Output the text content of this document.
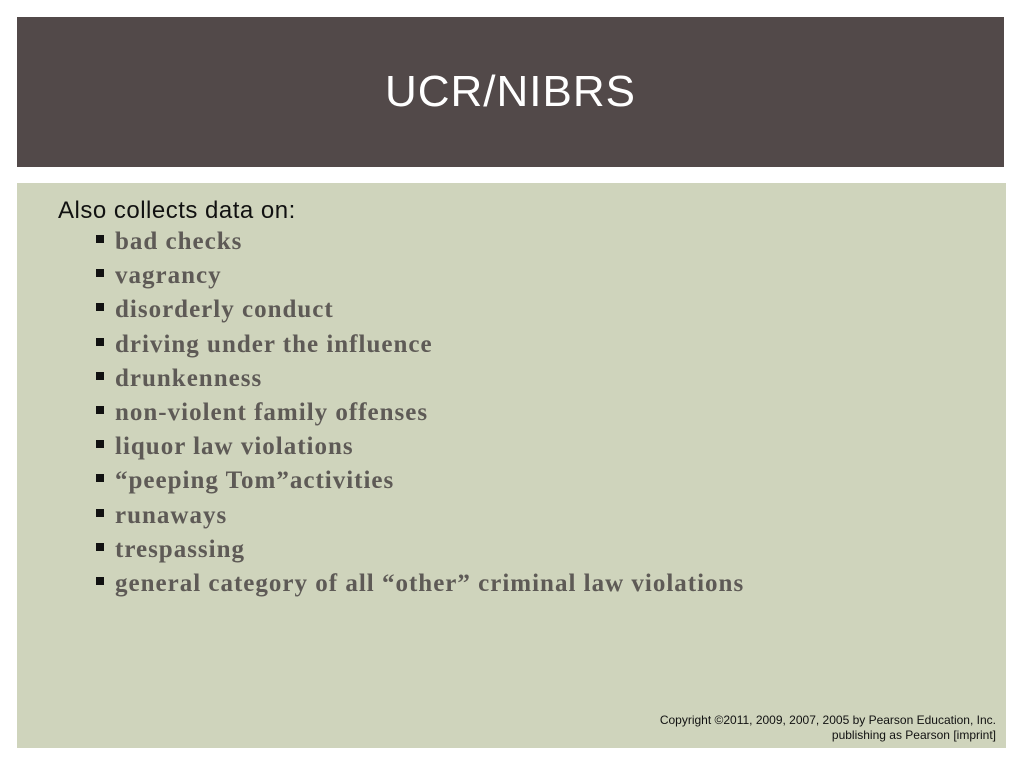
UCR/NIBRS
Also collects data on:
bad checks
vagrancy
disorderly conduct
driving under the influence
drunkenness
non-violent family offenses
liquor law violations
“peeping Tom”activities
runaways
trespassing
general category of all “other” criminal law violations
Copyright ©2011, 2009, 2007, 2005 by Pearson Education, Inc.
publishing as Pearson [imprint]
